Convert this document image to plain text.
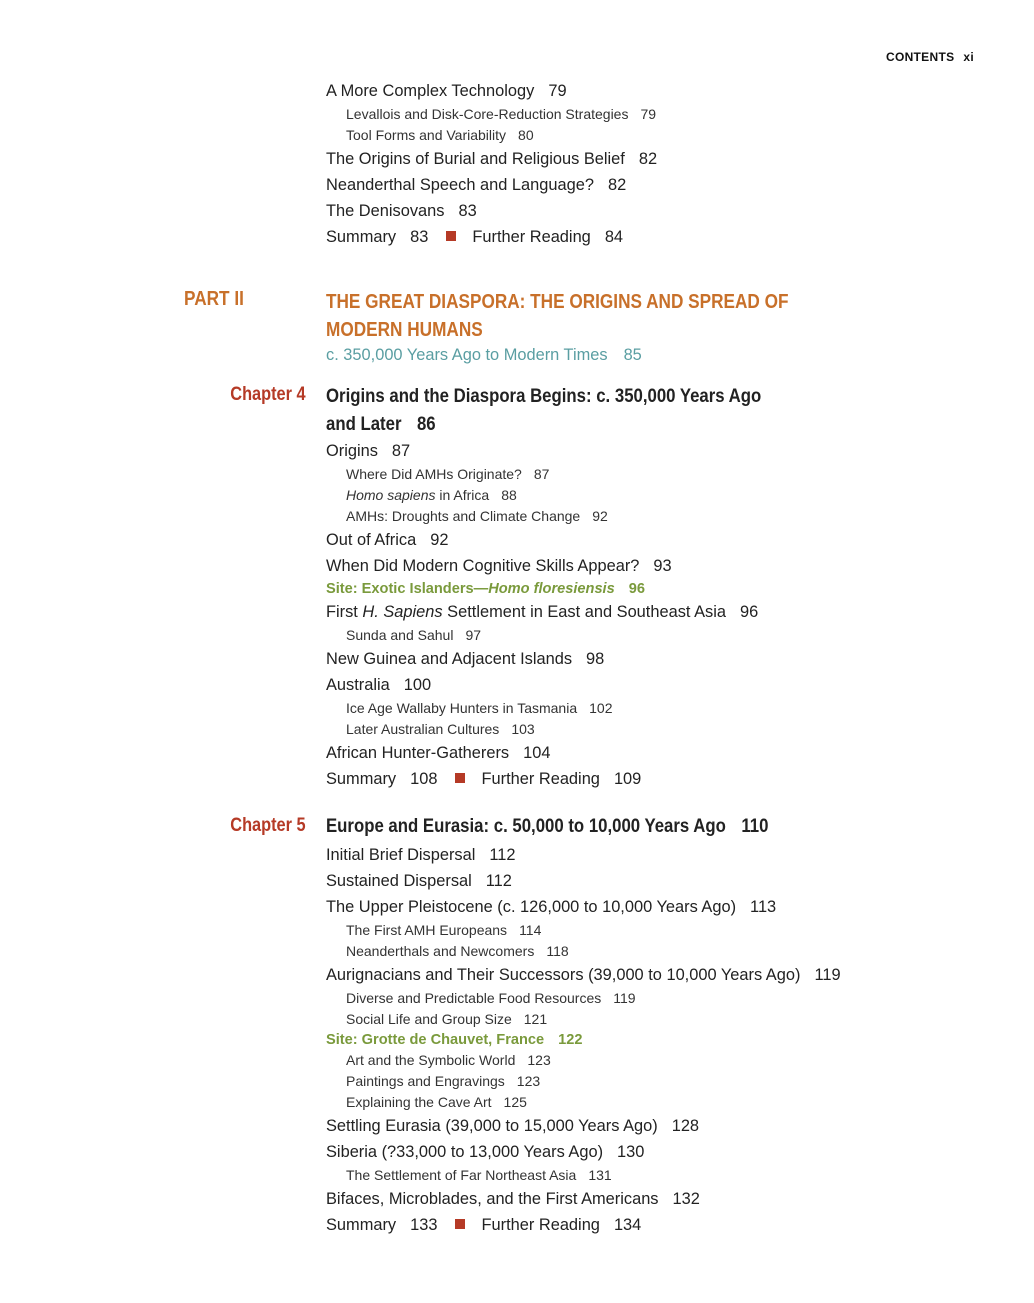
CONTENTS xi
A More Complex Technology 79
Levallois and Disk-Core-Reduction Strategies 79
Tool Forms and Variability 80
The Origins of Burial and Religious Belief 82
Neanderthal Speech and Language? 82
The Denisovans 83
Summary 83	Further Reading 84
PART II	THE GREAT DIASPORA: THE ORIGINS AND SPREAD OF
MODERN HUMANS
c. 350,000 Years Ago to Modern Times 85
Chapter 4 Origins and the Diaspora Begins: c. 350,000 Years Ago
and Later 86
Origins 87
Where Did AMHs Originate? 87
Homo sapiens in Africa 88
AMHs: Droughts and Climate Change 92
Out of Africa 92
When Did Modern Cognitive Skills Appear? 93
Site: Exotic Islanders—Homo floresiensis 96
First H. Sapiens Settlement in East and Southeast Asia 96
Sunda and Sahul 97
New Guinea and Adjacent Islands 98
Australia 100
Ice Age Wallaby Hunters in Tasmania 102
Later Australian Cultures 103
African Hunter-Gatherers 104
Summary 108	Further Reading 109
Chapter 5 Europe and Eurasia: c. 50,000 to 10,000 Years Ago 110
Initial Brief Dispersal 112
Sustained Dispersal 112
The Upper Pleistocene (c. 126,000 to 10,000 Years Ago) 113
The First AMH Europeans 114
Neanderthals and Newcomers 118
Aurignacians and Their Successors (39,000 to 10,000 Years Ago) 119
Diverse and Predictable Food Resources 119
Social Life and Group Size 121
Site: Grotte de Chauvet, France 122
Art and the Symbolic World 123
Paintings and Engravings 123
Explaining the Cave Art 125
Settling Eurasia (39,000 to 15,000 Years Ago) 128
Siberia (?33,000 to 13,000 Years Ago) 130
The Settlement of Far Northeast Asia 131
Bifaces, Microblades, and the First Americans 132
Summary 133	Further Reading 134
